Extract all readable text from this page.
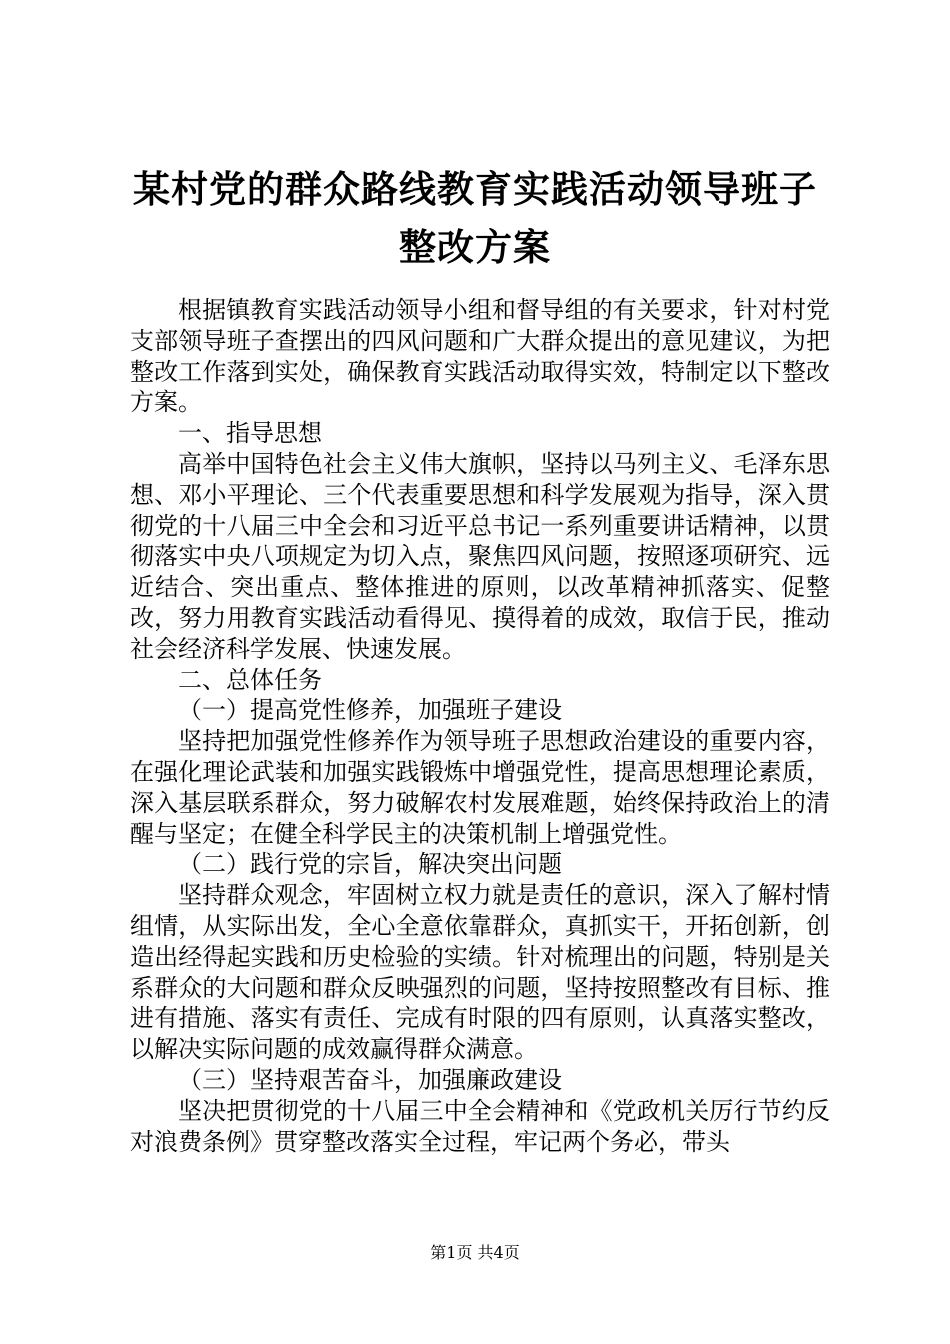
某村党的群众路线教育实践活动领导班子整改方案

根据镇教育实践活动领导小组和督导组的有关要求，针对村党支部领导班子查摆出的四风问题和广大群众提出的意见建议，为把整改工作落到实处，确保教育实践活动取得实效，特制定以下整改方案。

一、指导思想

高举中国特色社会主义伟大旗帜，坚持以马列主义、毛泽东思想、邓小平理论、三个代表重要思想和科学发展观为指导，深入贯彻党的十八届三中全会和习近平总书记一系列重要讲话精神，以贯彻落实中央八项规定为切入点，聚焦四风问题，按照逐项研究、远近结合、突出重点、整体推进的原则，以改革精神抓落实、促整改，努力用教育实践活动看得见、摸得着的成效，取信于民，推动社会经济科学发展、快速发展。

二、总体任务

（一）提高党性修养，加强班子建设

坚持把加强党性修养作为领导班子思想政治建设的重要内容，在强化理论武装和加强实践锻炼中增强党性，提高思想理论素质，深入基层联系群众，努力破解农村发展难题，始终保持政治上的清醒与坚定；在健全科学民主的决策机制上增强党性。

（二）践行党的宗旨，解决突出问题

坚持群众观念，牢固树立权力就是责任的意识，深入了解村情组情，从实际出发，全心全意依靠群众，真抓实干，开拓创新，创造出经得起实践和历史检验的实绩。针对梳理出的问题，特别是关系群众的大问题和群众反映强烈的问题，坚持按照整改有目标、推进有措施、落实有责任、完成有时限的四有原则，认真落实整改，以解决实际问题的成效赢得群众满意。

（三）坚持艰苦奋斗，加强廉政建设

坚决把贯彻党的十八届三中全会精神和《党政机关厉行节约反对浪费条例》贯穿整改落实全过程，牢记两个务必，带头

第1页 共4页
